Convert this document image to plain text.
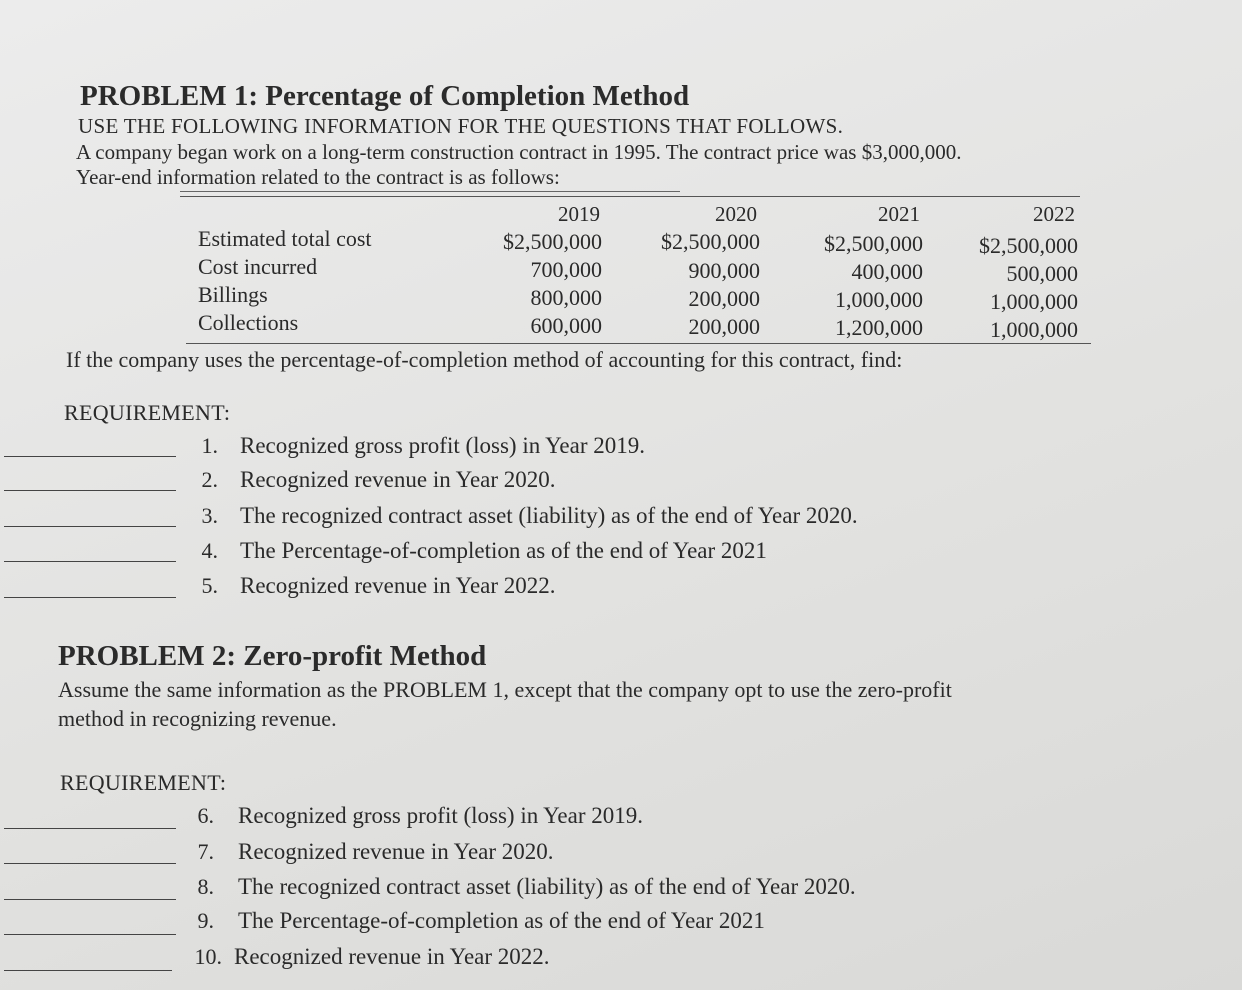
PROBLEM 1: Percentage of Completion Method
USE THE FOLLOWING INFORMATION FOR THE QUESTIONS THAT FOLLOWS.
A company began work on a long-term construction contract in 1995. The contract price was $3,000,000.
Year-end information related to the contract is as follows:
2019	2020	2021	2022
Estimated total cost	$2,500,000	$2,500,000	$2,500,000	$2,500,000
Cost incurred	700,000	900,000	400,000	500,000
Billings	800,000	200,000	1,000,000	1,000,000
Collections	600,000	200,000	1,200,000	1,000,000
If the company uses the percentage-of-completion method of accounting for this contract, find:
REQUIREMENT:
1. Recognized gross profit (loss) in Year 2019.
2. Recognized revenue in Year 2020.
3. The recognized contract asset (liability) as of the end of Year 2020.
4. The Percentage-of-completion as of the end of Year 2021
5. Recognized revenue in Year 2022.
PROBLEM 2: Zero-profit Method
Assume the same information as the PROBLEM 1, except that the company opt to use the zero-profit
method in recognizing revenue.
REQUIREMENT:
6. Recognized gross profit (loss) in Year 2019.
7. Recognized revenue in Year 2020.
8. The recognized contract asset (liability) as of the end of Year 2020.
9. The Percentage-of-completion as of the end of Year 2021
10. Recognized revenue in Year 2022.
